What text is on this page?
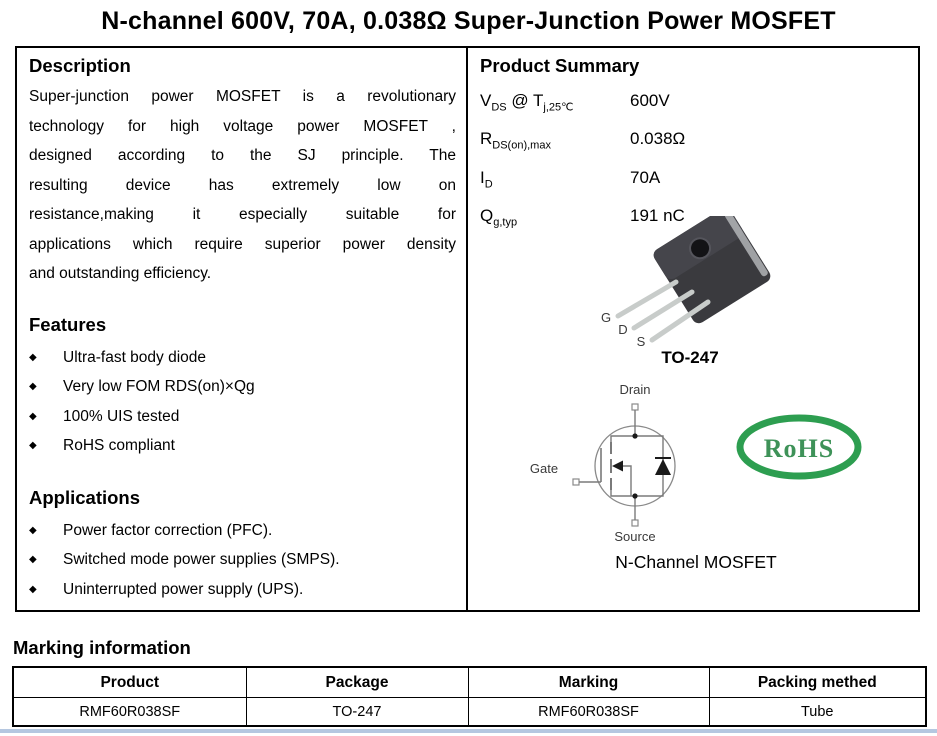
N-channel 600V, 70A, 0.038Ω Super-Junction Power MOSFET
Description
Super-junction power MOSFET is a revolutionary
technology for high voltage power MOSFET ,
designed according to the SJ principle. The
resulting device has extremely low on
resistance,making it especially suitable for
applications which require superior power density
and outstanding efficiency.
Features
◆	Ultra-fast body diode
◆	Very low FOM RDS(on)×Qg
◆	100% UIS tested
◆	RoHS compliant
Applications
◆	Power factor correction (PFC).
◆	Switched mode power supplies (SMPS).
◆	Uninterrupted power supply (UPS).
Product Summary
$V_{DS}$ @ $T_{j,25℃}$	600V
$R_{DS(on),max}$	0.038Ω
$I_D$	70A
$Q_{g,typ}$	191 nC
G
D
S
TO-247
Drain
Gate
Source
RoHS
N-Channel MOSFET
Marking information
Product	Package	Marking	Packing methed
RMF60R038SF	TO-247	RMF60R038SF	Tube
